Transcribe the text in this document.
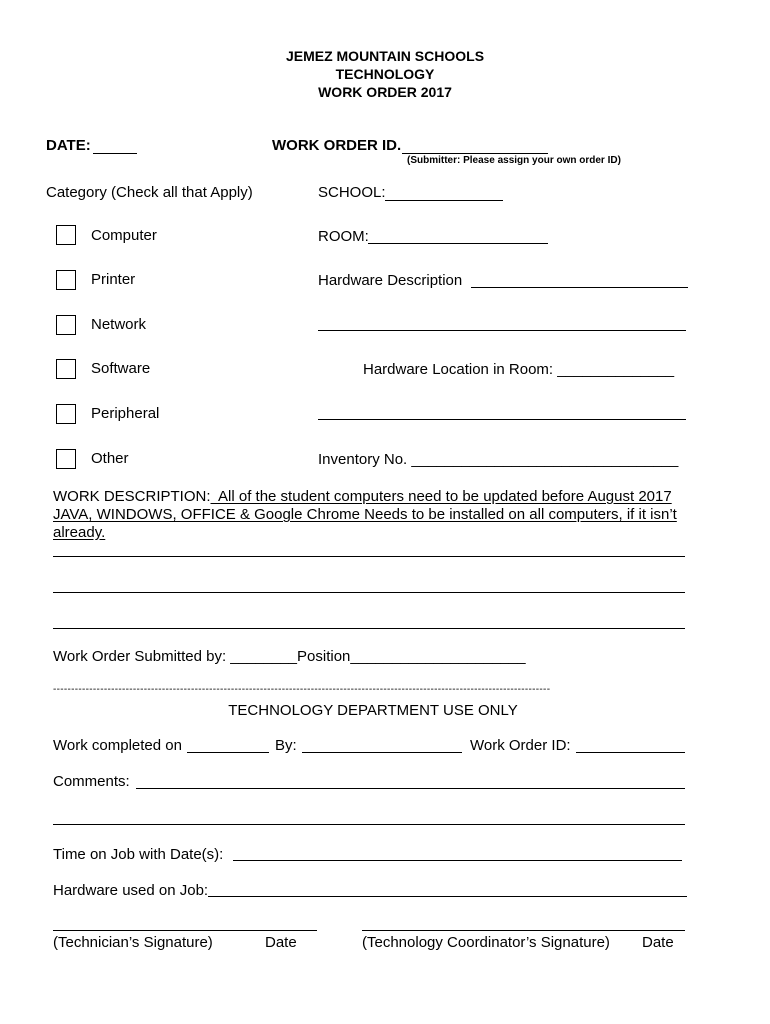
JEMEZ MOUNTAIN SCHOOLS
TECHNOLOGY
WORK ORDER 2017
DATE:	WORK ORDER ID.
(Submitter: Please assign your own order ID)
Category (Check all that Apply)
Computer
Printer
Network
Software
Peripheral
Other
SCHOOL:
ROOM:
Hardware Description
Hardware Location in Room: ______________
Inventory No. ________________________________
WORK DESCRIPTION:  All of the student computers need to be updated before August 2017
JAVA, WINDOWS, OFFICE & Google Chrome Needs to be installed on all computers, if it isn’t
already.
Work Order Submitted by: ________Position_____________________
-----------------------------------------------------------------------------------------------------------------------------------------
TECHNOLOGY DEPARTMENT USE ONLY
Work completed on	By:	Work Order ID:
Comments:
Time on Job with Date(s):
Hardware used on Job:
(Technician’s Signature)	Date	(Technology Coordinator’s Signature) Date
